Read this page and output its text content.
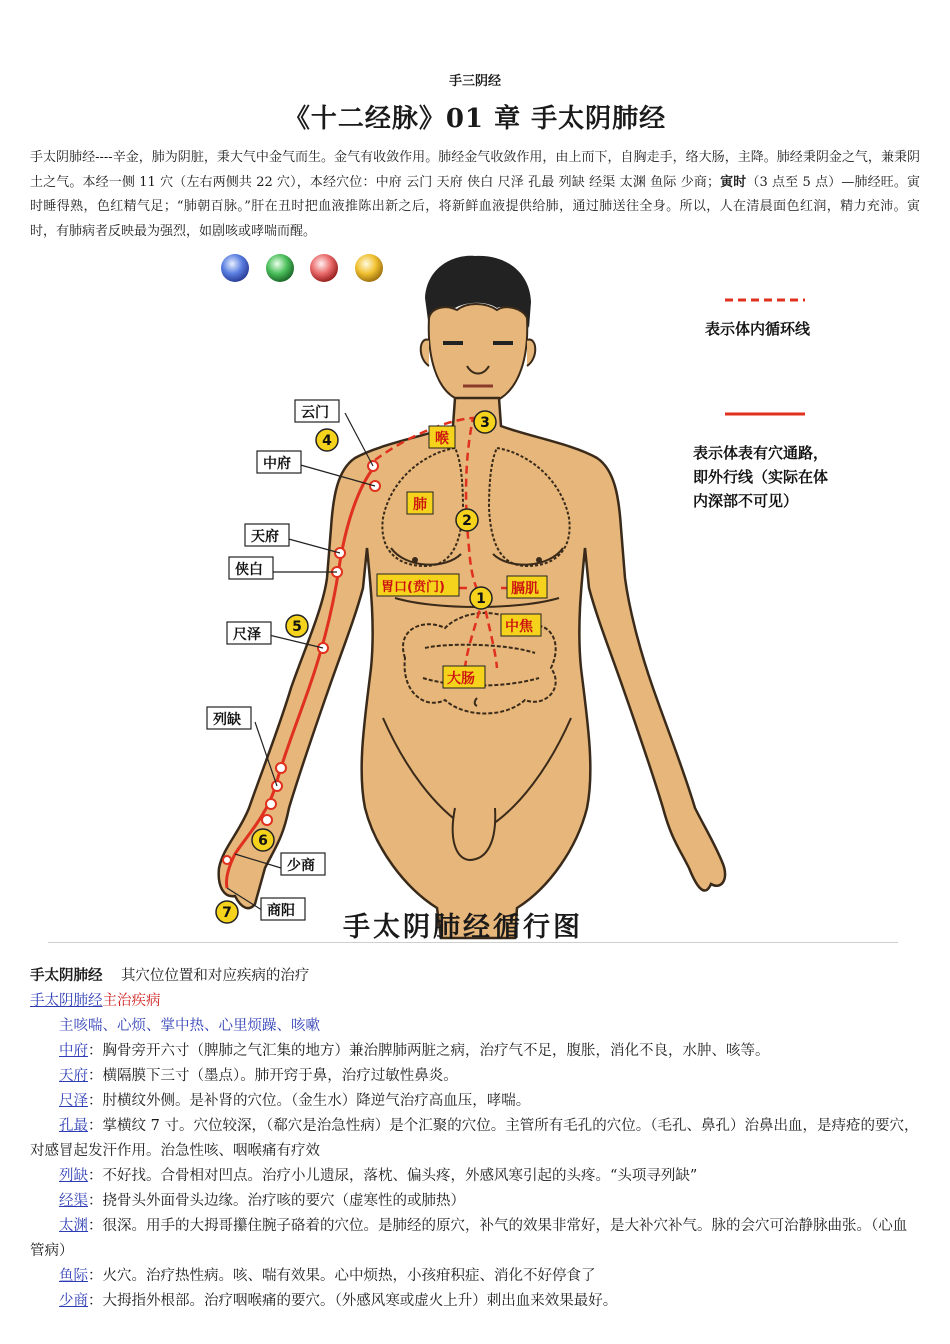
手三阴经
《十二经脉》01 章 手太阴肺经
手太阴肺经----辛金，肺为阴脏，秉大气中金气而生。金气有收敛作用。肺经金气收敛作用，由上而下，自胸走手，络大肠，主降。肺经秉阴金之气，兼秉阴土之气。本经一侧 11 穴（左右两侧共 22 穴），本经穴位：中府 云门 天府 侠白 尺泽 孔最 列缺 经渠 太渊 鱼际 少商；寅时（3 点至 5 点）—肺经旺。寅时睡得熟，色红精气足；“肺朝百脉。”肝在丑时把血液推陈出新之后，将新鲜血液提供给肺，通过肺送往全身。所以，人在清晨面色红润，精力充沛。寅时，有肺病者反映最为强烈，如剧咳或哮喘而醒。
云门
中府
天府
侠白
尺泽
列缺
少商
商阳
1
2
3
4
5
6
7
喉
肺
胃口(贲门)	膈肌
中焦
大肠
表示体内循环线
表示体表有穴通路，
即外行线（实际在体
内深部不可见）
手太阴肺经循行图

手太阴肺经 其穴位位置和对应疾病的治疗

手太阴肺经主治疾病

主咳喘、心烦、掌中热、心里烦躁、咳嗽

中府：胸骨旁开六寸（脾肺之气汇集的地方）兼治脾肺两脏之病，治疗气不足，腹胀，消化不良，水肿、咳等。

天府：横隔膜下三寸（墨点）。肺开窍于鼻，治疗过敏性鼻炎。

尺泽：肘横纹外侧。是补肾的穴位。（金生水）降逆气治疗高血压，哮喘。

孔最：掌横纹 7 寸。穴位较深，（郗穴是治急性病）是个汇聚的穴位。主管所有毛孔的穴位。（毛孔、鼻孔）治鼻出血，是痔疮的要穴，对感冒起发汗作用。治急性咳、咽喉痛有疗效

列缺：不好找。合骨相对凹点。治疗小儿遗尿，落枕、偏头疼，外感风寒引起的头疼。“头项寻列缺”

经渠：挠骨头外面骨头边缘。治疗咳的要穴（虚寒性的或肺热）

太渊：很深。用手的大拇哥攥住腕子硌着的穴位。是肺经的原穴，补气的效果非常好，是大补穴补气。脉的会穴可治静脉曲张。（心血管病）

鱼际：火穴。治疗热性病。咳、喘有效果。心中烦热，小孩疳积症、消化不好停食了

少商：大拇指外根部。治疗咽喉痛的要穴。（外感风寒或虚火上升）刺出血来效果最好。
